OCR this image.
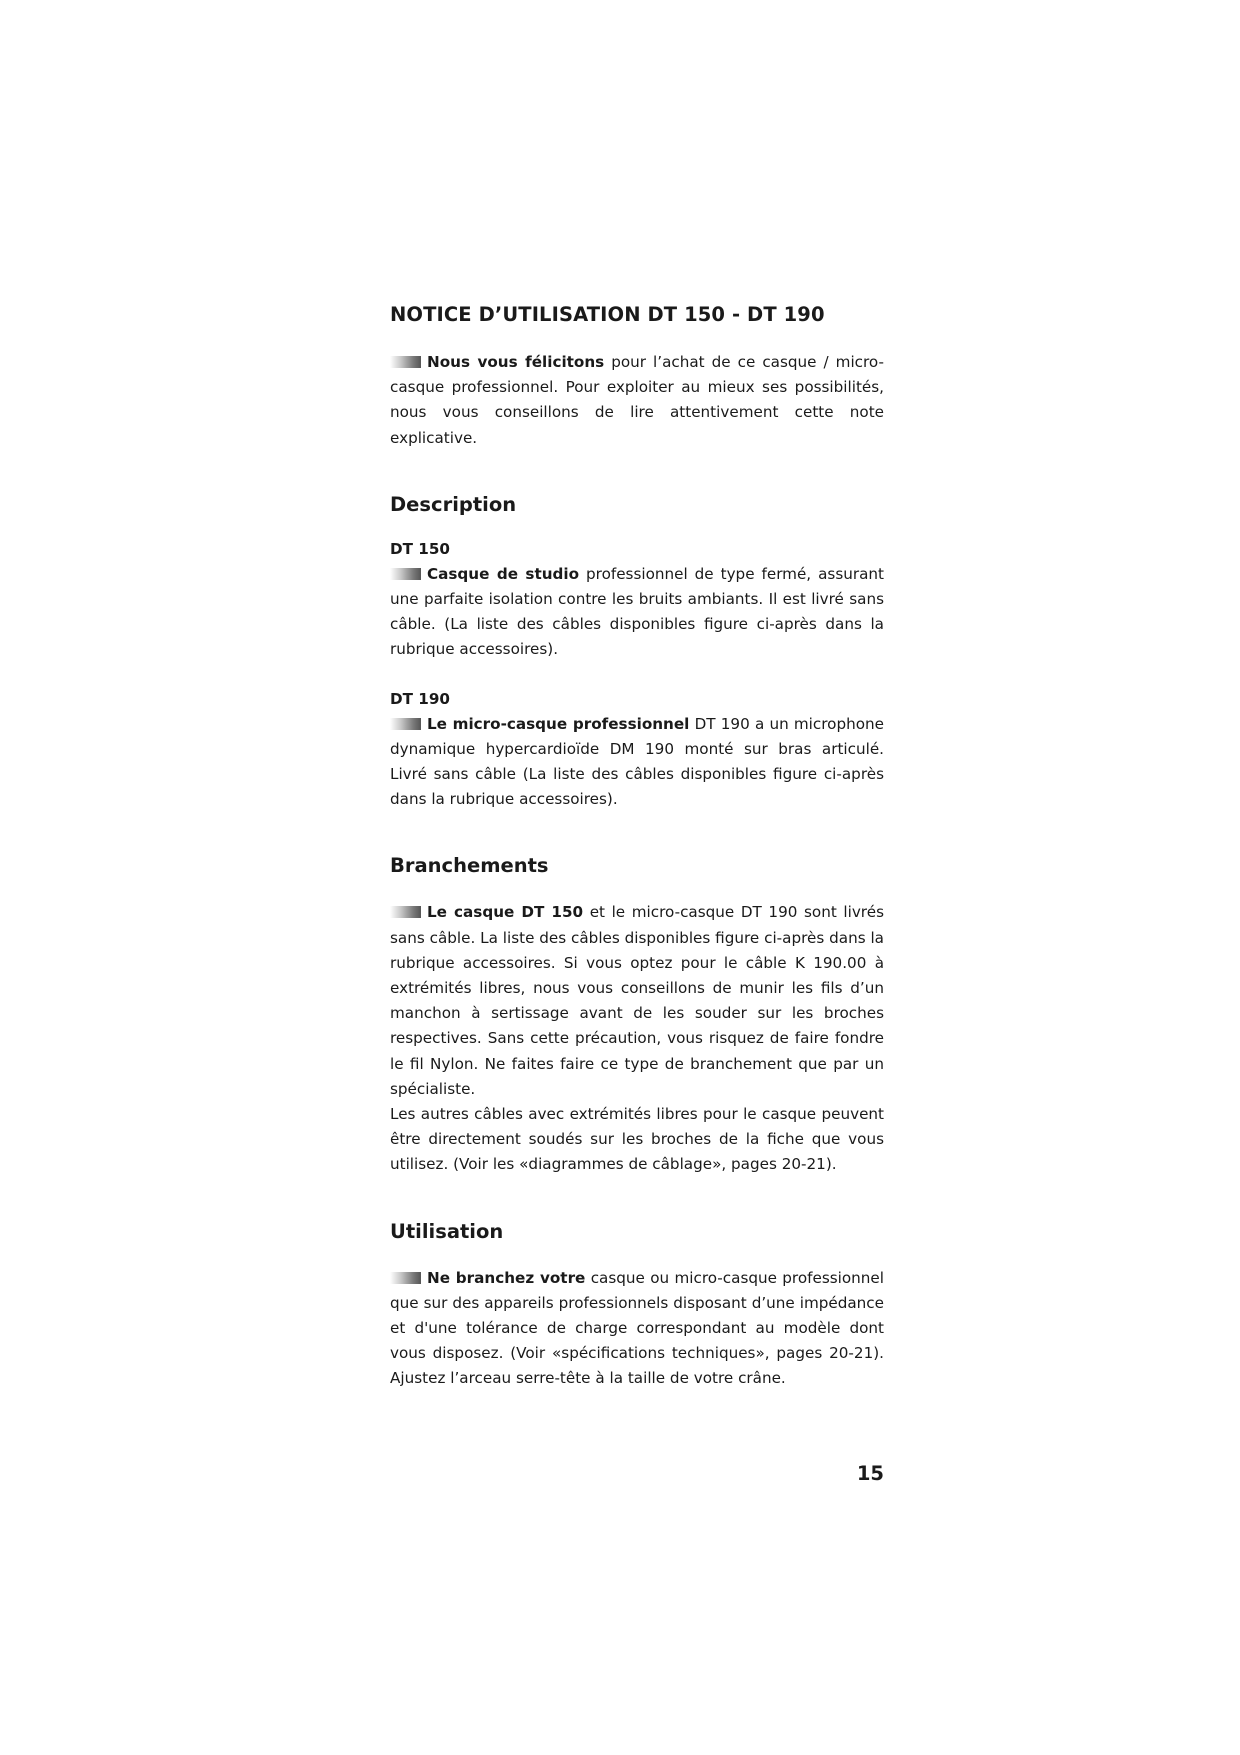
NOTICE D’UTILISATION DT 150 - DT 190

Nous vous félicitons pour l’achat de ce casque / micro-casque professionnel. Pour exploiter au mieux ses possibilités, nous vous conseillons de lire attentivement cette note explicative.

Description
DT 150

Casque de studio professionnel de type fermé, assurant une parfaite isolation contre les bruits ambiants. Il est livré sans câble. (La liste des câbles disponibles figure ci-après dans la rubrique accessoires).

DT 190

Le micro-casque professionnel DT 190 a un microphone dynamique hypercardioïde DM 190 monté sur bras articulé. Livré sans câble (La liste des câbles disponibles figure ci-après dans la rubrique accessoires).

Branchements

Le casque DT 150 et le micro-casque DT 190 sont livrés sans câble. La liste des câbles disponibles figure ci-après dans la rubrique accessoires. Si vous optez pour le câble K 190.00 à extrémités libres, nous vous conseillons de munir les fils d’un manchon à sertissage avant de les souder sur les broches respectives. Sans cette précaution, vous risquez de faire fondre le fil Nylon. Ne faites faire ce type de branchement que par un spécialiste.

Les autres câbles avec extrémités libres pour le casque peuvent être directement soudés sur les broches de la fiche que vous utilisez. (Voir les «diagrammes de câblage», pages 20-21).

Utilisation

Ne branchez votre casque ou micro-casque professionnel que sur des appareils professionnels disposant d’une impédance et d'une tolérance de charge correspondant au modèle dont vous disposez. (Voir «spécifications techniques», pages 20-21). Ajustez l’arceau serre-tête à la taille de votre crâne.

15
